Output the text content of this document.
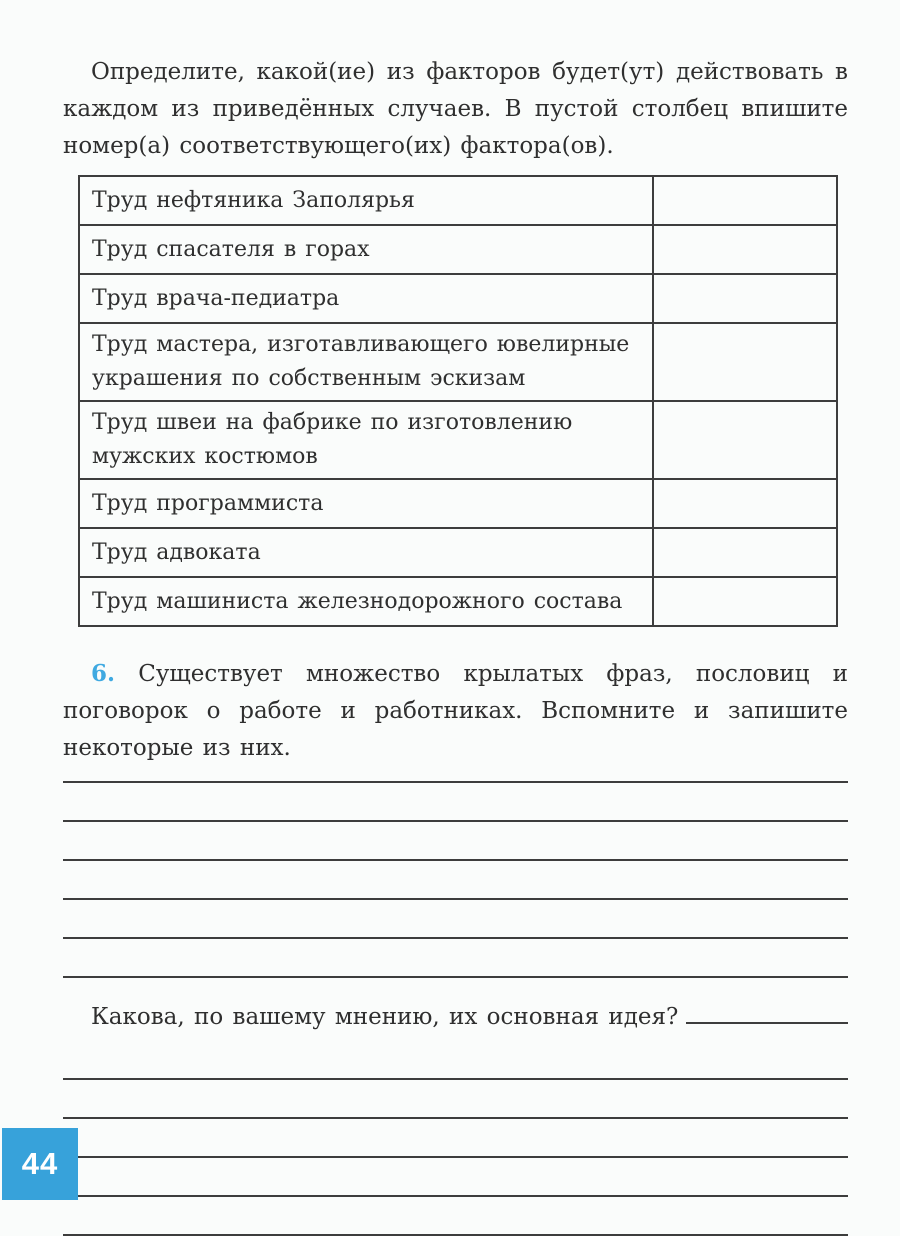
Определите, какой(ие) из факторов будет(ут) действовать в каждом из приведённых случаев. В пустой столбец впишите номер(а) соответствующего(их) фактора(ов).

Труд нефтяника Заполярья	
Труд спасателя в горах	
Труд врача-педиатра	
Труд мастера, изготавливающего ювелирные украшения по собственным эскизам	
Труд швеи на фабрике по изготовлению мужских костюмов	
Труд программиста	
Труд адвоката	
Труд машиниста железнодорожного состава	

6. Существует множество крылатых фраз, пословиц и поговорок о работе и работниках. Вспомните и запишите некоторые из них.

Какова, по вашему мнению, их основная идея?
44
